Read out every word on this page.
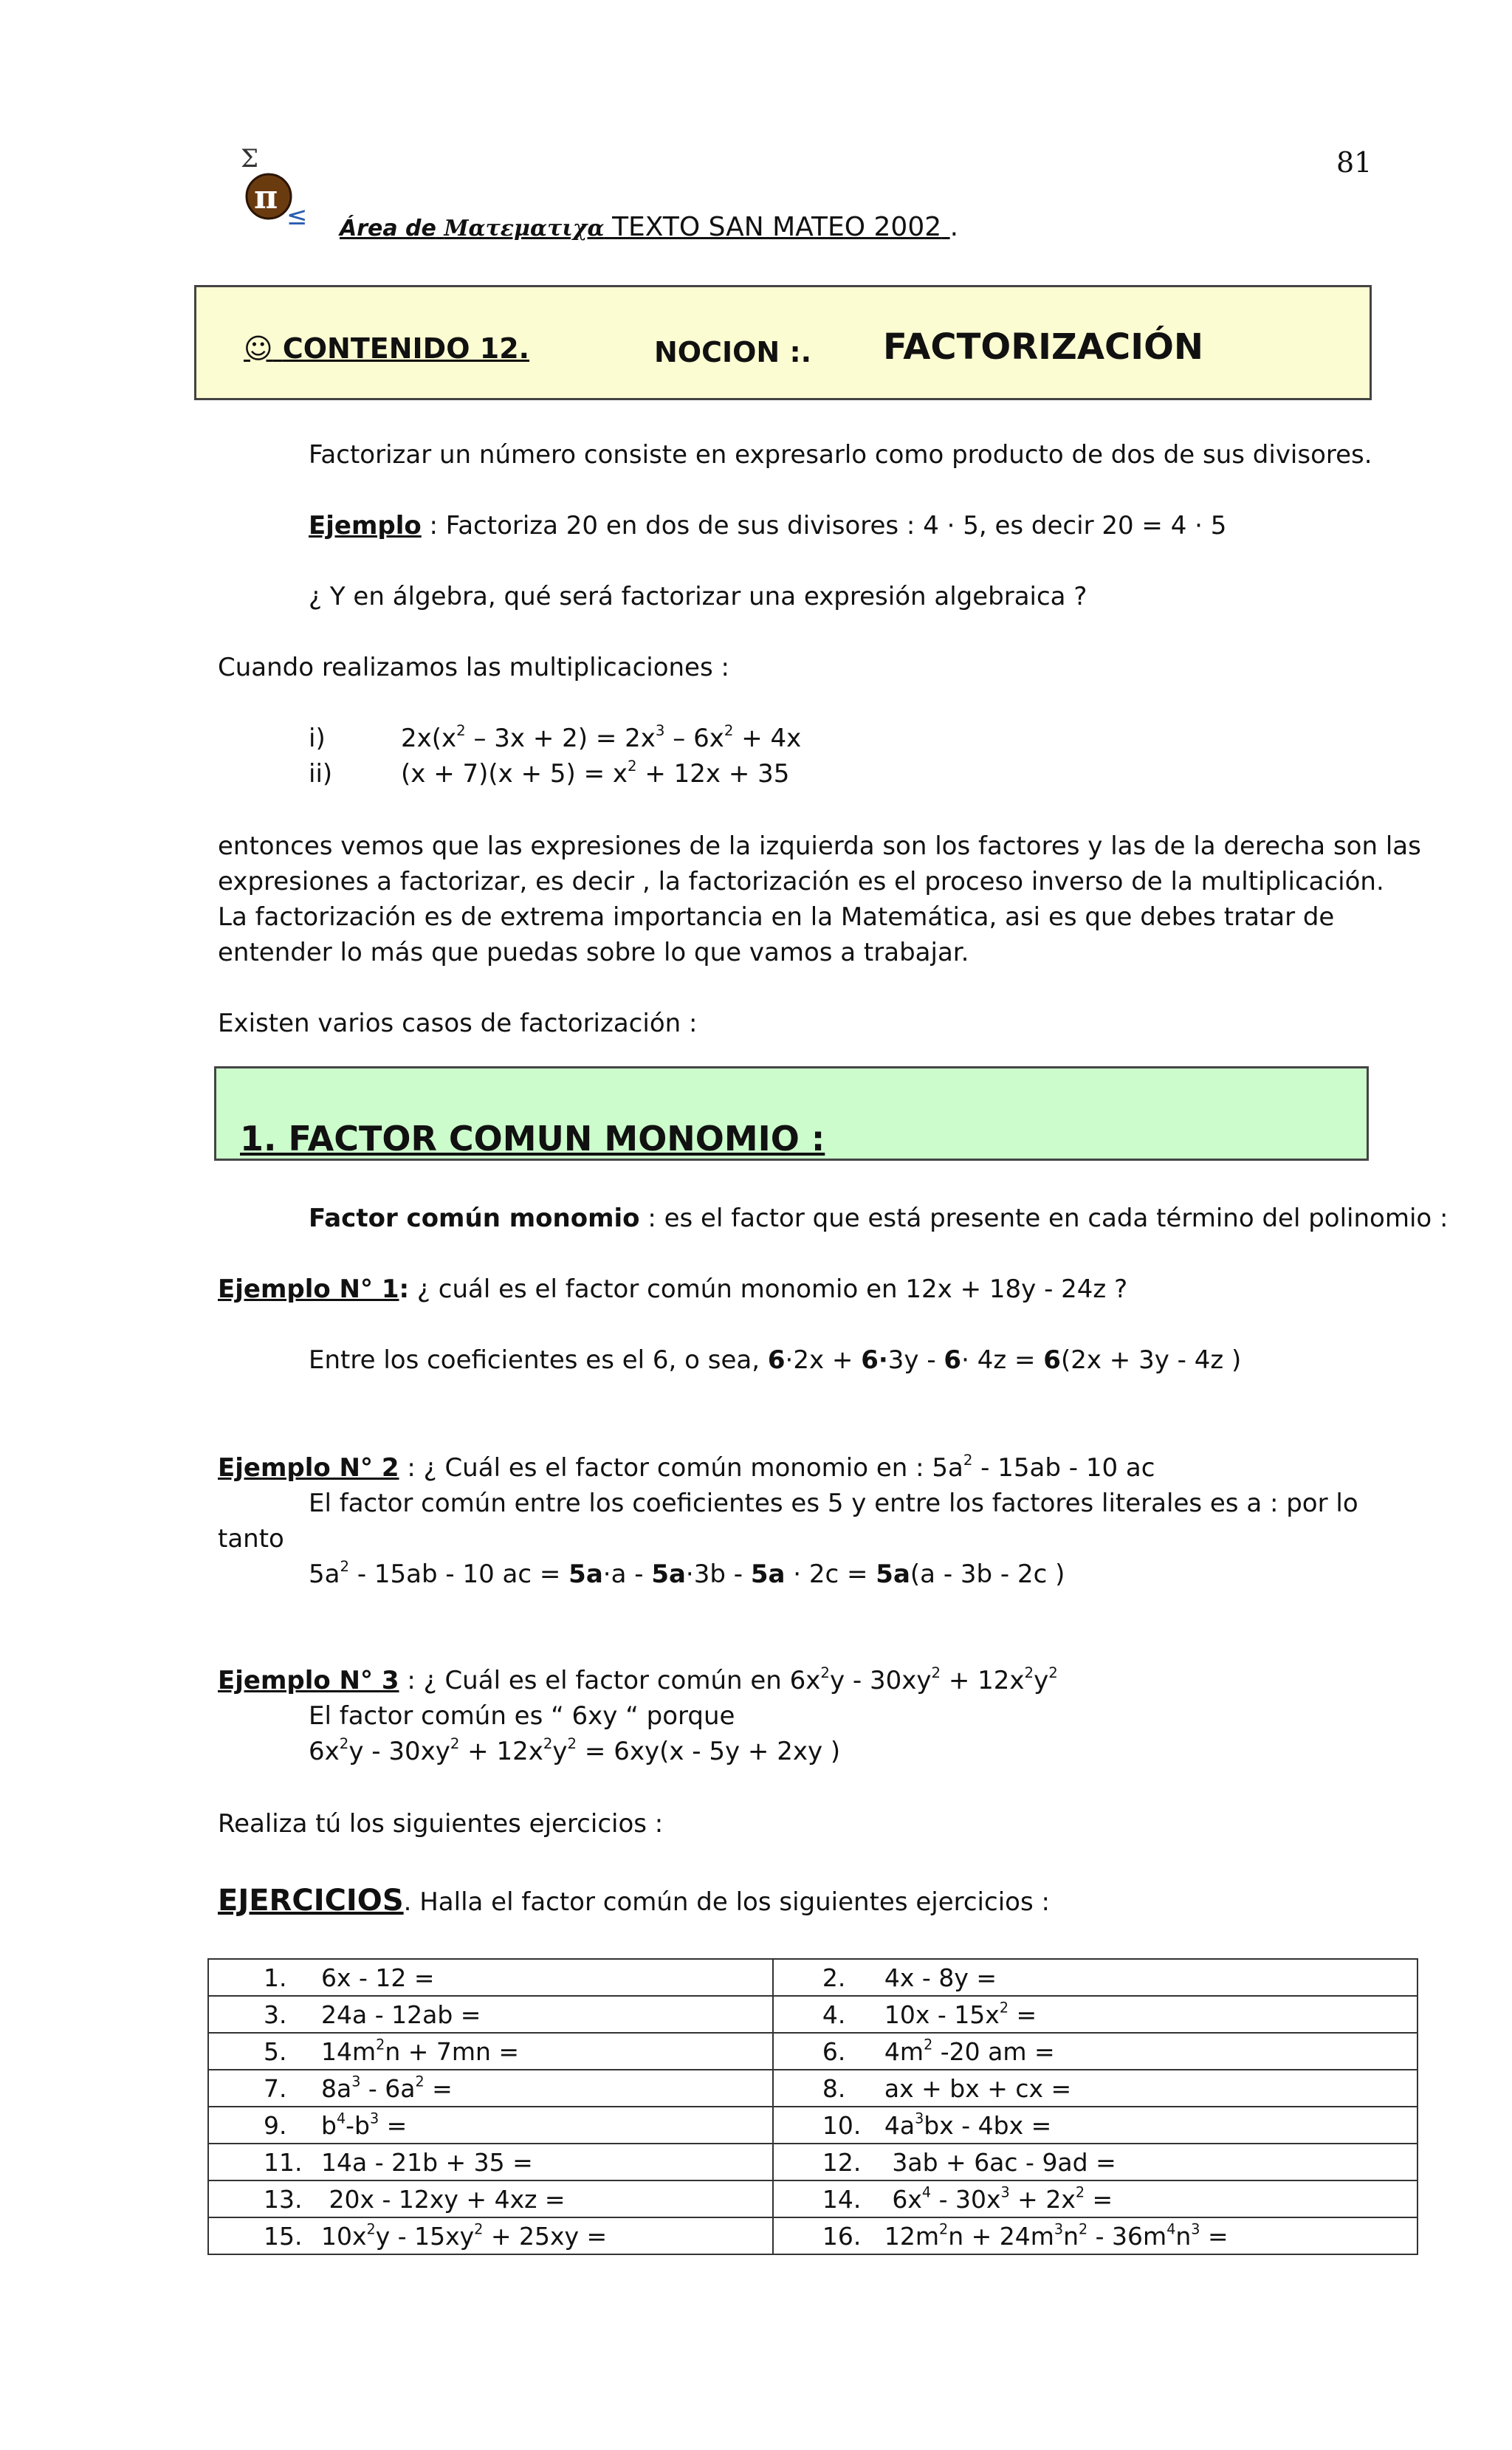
81
Σ
π ≤ Área de Ματεματιχα TEXTO SAN MATEO 2002 .
☺ CONTENIDO 12.	NOCION :. FACTORIZACIÓN
Factorizar un número consiste en expresarlo como producto de dos de sus divisores.
Ejemplo : Factoriza 20 en dos de sus divisores : 4 · 5, es decir 20 = 4 · 5
¿ Y en álgebra, qué será factorizar una expresión algebraica ?
Cuando realizamos las multiplicaciones :
i)	$2x(x^2 - 3x + 2) = 2x^3 - 6x^2 + 4x$
ii)	$(x + 7)(x + 5) = x^2 + 12x + 35$
entonces vemos que las expresiones de la izquierda son los factores y las de la derecha son las
expresiones a factorizar, es decir , la factorización es el proceso inverso de la multiplicación.
La factorización es de extrema importancia en la Matemática, asi es que debes tratar de
entender lo más que puedas sobre lo que vamos a trabajar.
Existen varios casos de factorización :
1. FACTOR COMUN MONOMIO :
Factor común monomio : es el factor que está presente en cada término del polinomio :
Ejemplo N° 1: ¿ cuál es el factor común monomio en 12x + 18y - 24z ?
Entre los coeficientes es el 6, o sea, 6·2x + 6·3y - 6· 4z = 6(2x + 3y - 4z )
Ejemplo N° 2 : ¿ Cuál es el factor común monomio en : $5a^2 - 15ab - 10$ ac
El factor común entre los coeficientes es 5 y entre los factores literales es a : por lo
tanto
$5a^2 - 15ab - 10$ ac = 5a·a - 5a·3b - 5a · 2c = 5a(a - 3b - 2c )
Ejemplo N° 3 : ¿ Cuál es el factor común en $6x^2y - 30xy^2 + 12x^2y^2$
El factor común es “ 6xy “ porque
$6x^2y - 30xy^2 + 12x^2y^2 = 6xy(x - 5y + 2xy$ )
Realiza tú los siguientes ejercicios :
EJERCICIOS. Halla el factor común de los siguientes ejercicios :
1. 6x - 12 =	2. 4x - 8y =
3. 24a - 12ab =	4. $10x - 15x^2$ =
5. $14m^2n + 7mn$ =	6. $4m^2$ -20 am =
7. $8a^3 - 6a^2$ =	8. ax + bx + cx =
9. $b^4-b^3$ =	10. $4a^3bx - 4bx$ =
11. 14a - 21b + 35 =	12. 3ab + 6ac - 9ad =
13. 20x - 12xy + 4xz =	14. $6x^4 - 30x^3 + 2x^2$ =
15. $10x^2y - 15xy^2 + 25xy$ =	16. $12m^2n + 24m^3n^2 - 36m^4n^3$ =
